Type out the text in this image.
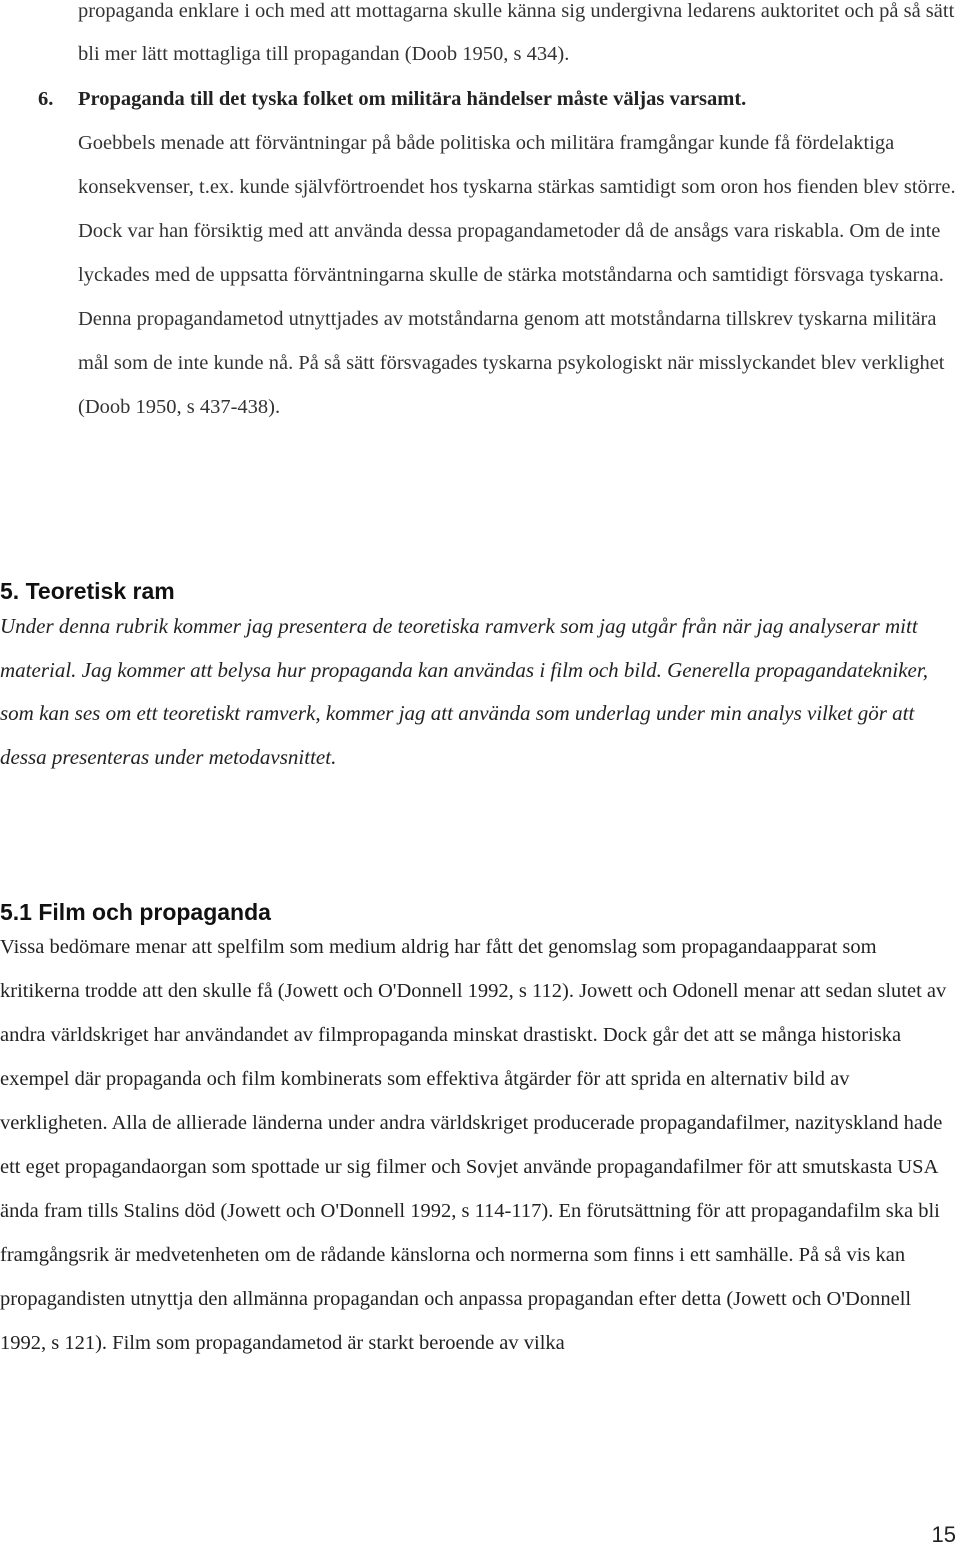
propaganda enklare i och med att mottagarna skulle känna sig undergivna ledarens auktoritet och på så sätt bli mer lätt mottagliga till propagandan (Doob 1950, s 434).
6. Propaganda till det tyska folket om militära händelser måste väljas varsamt.
Goebbels menade att förväntningar på både politiska och militära framgångar kunde få fördelaktiga konsekvenser, t.ex. kunde självförtroendet hos tyskarna stärkas samtidigt som oron hos fienden blev större. Dock var han försiktig med att använda dessa propagandametoder då de ansågs vara riskabla. Om de inte lyckades med de uppsatta förväntningarna skulle de stärka motståndarna och samtidigt försvaga tyskarna. Denna propagandametod utnyttjades av motståndarna genom att motståndarna tillskrev tyskarna militära mål som de inte kunde nå. På så sätt försvagades tyskarna psykologiskt när misslyckandet blev verklighet (Doob 1950, s 437-438).
5. Teoretisk ram
Under denna rubrik kommer jag presentera de teoretiska ramverk som jag utgår från när jag analyserar mitt material. Jag kommer att belysa hur propaganda kan användas i film och bild. Generella propagandatekniker, som kan ses om ett teoretiskt ramverk, kommer jag att använda som underlag under min analys vilket gör att dessa presenteras under metodavsnittet.
5.1 Film och propaganda
Vissa bedömare menar att spelfilm som medium aldrig har fått det genomslag som propagandaapparat som kritikerna trodde att den skulle få (Jowett och O'Donnell 1992, s 112). Jowett och Odonell menar att sedan slutet av andra världskriget har användandet av filmpropaganda minskat drastiskt. Dock går det att se många historiska exempel där propaganda och film kombinerats som effektiva åtgärder för att sprida en alternativ bild av verkligheten. Alla de allierade länderna under andra världskriget producerade propagandafilmer, nazityskland hade ett eget propagandaorgan som spottade ur sig filmer och Sovjet använde propagandafilmer för att smutskasta USA ända fram tills Stalins död (Jowett och O'Donnell 1992, s 114-117). En förutsättning för att propagandafilm ska bli framgångsrik är medvetenheten om de rådande känslorna och normerna som finns i ett samhälle. På så vis kan propagandisten utnyttja den allmänna propagandan och anpassa propagandan efter detta (Jowett och O'Donnell 1992, s 121). Film som propagandametod är starkt beroende av vilka
15
